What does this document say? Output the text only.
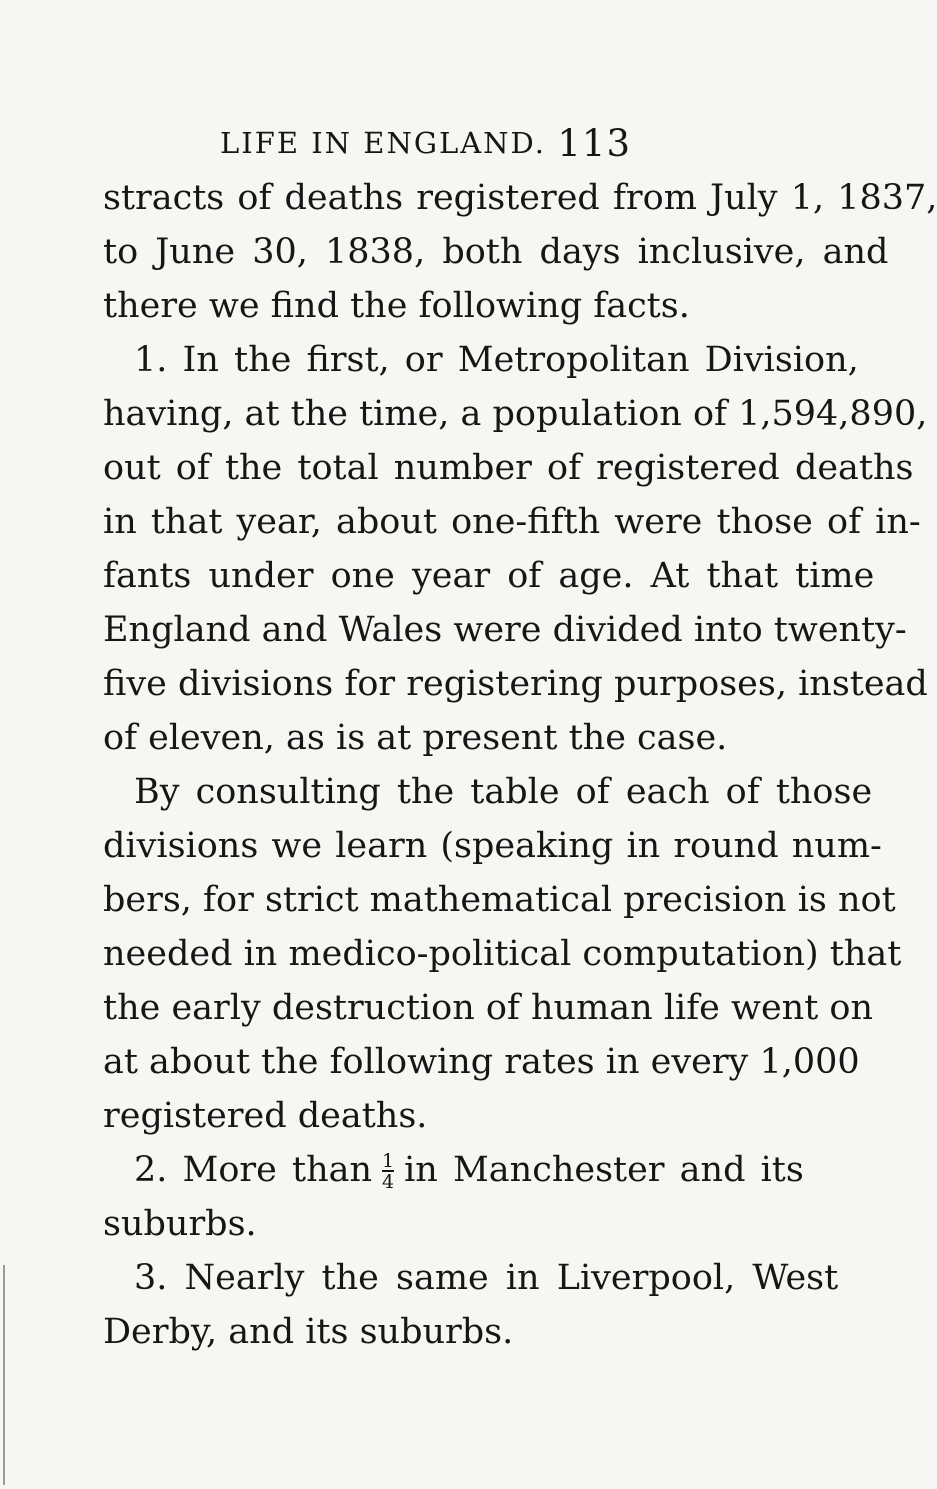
LIFE IN ENGLAND. 113
stracts of deaths registered from July 1, 1837,
to June 30, 1838, both days inclusive, and
there we find the following facts.
1. In the first, or Metropolitan Division,
having, at the time, a population of 1,594,890,
out of the total number of registered deaths
in that year, about one-fifth were those of in-
fants under one year of age. At that time
England and Wales were divided into twenty-
five divisions for registering purposes, instead
of eleven, as is at present the case.
By consulting the table of each of those
divisions we learn (speaking in round num-
bers, for strict mathematical precision is not
needed in medico-political computation) that
the early destruction of human life went on
at about the following rates in every 1,000
registered deaths.
2. More than $\frac{1}{4}$ in Manchester and its
suburbs.
3. Nearly the same in Liverpool, West
Derby, and its suburbs.
